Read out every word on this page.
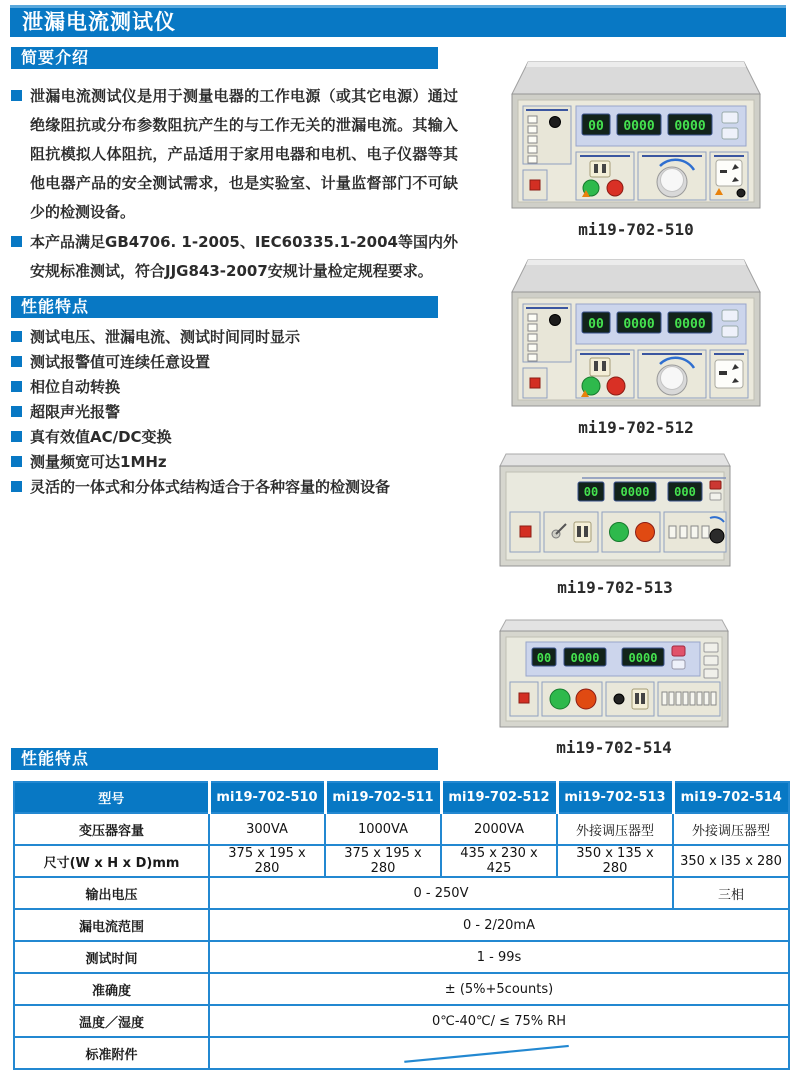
泄漏电流测试仪
简要介绍
泄漏电流测试仪是用于测量电器的工作电源（或其它电源）通过绝缘阻抗或分布参数阻抗产生的与工作无关的泄漏电流。其输入阻抗模拟人体阻抗，产品适用于家用电器和电机、电子仪器等其他电器产品的安全测试需求，也是实验室、计量监督部门不可缺少的检测设备。
本产品满足GB4706. 1-2005、IEC60335.1-2004等国内外安规标准测试，符合JJG843-2007安规计量检定规程要求。
性能特点
测试电压、泄漏电流、测试时间同时显示
测试报警值可连续任意设置
相位自动转换
超限声光报警
真有效值AC/DC变换
测量频宽可达1MHz
灵活的一体式和分体式结构适合于各种容量的检测设备
00 0000 0000
mi19-702-510
00 0000 0000
mi19-702-512
00 0000 000
mi19-702-513
00 0000 0000
mi19-702-514
性能特点
型号	mi19-702-510	mi19-702-511	mi19-702-512	mi19-702-513	mi19-702-514
变压器容量	300VA	1000VA	2000VA	外接调压器型	外接调压器型
尺寸(W x H x D)mm	375 x 195 x 280	375 x 195 x 280	435 x 230 x 425	350 x 135 x 280	350 x l35 x 280
输出电压	0 - 250V				三相
漏电流范围	0 - 2/20mA				
测试时间	1 - 99s				
准确度	± (5%+5counts)				
温度／湿度	0℃-40℃/ ≤ 75% RH				
标准附件	
